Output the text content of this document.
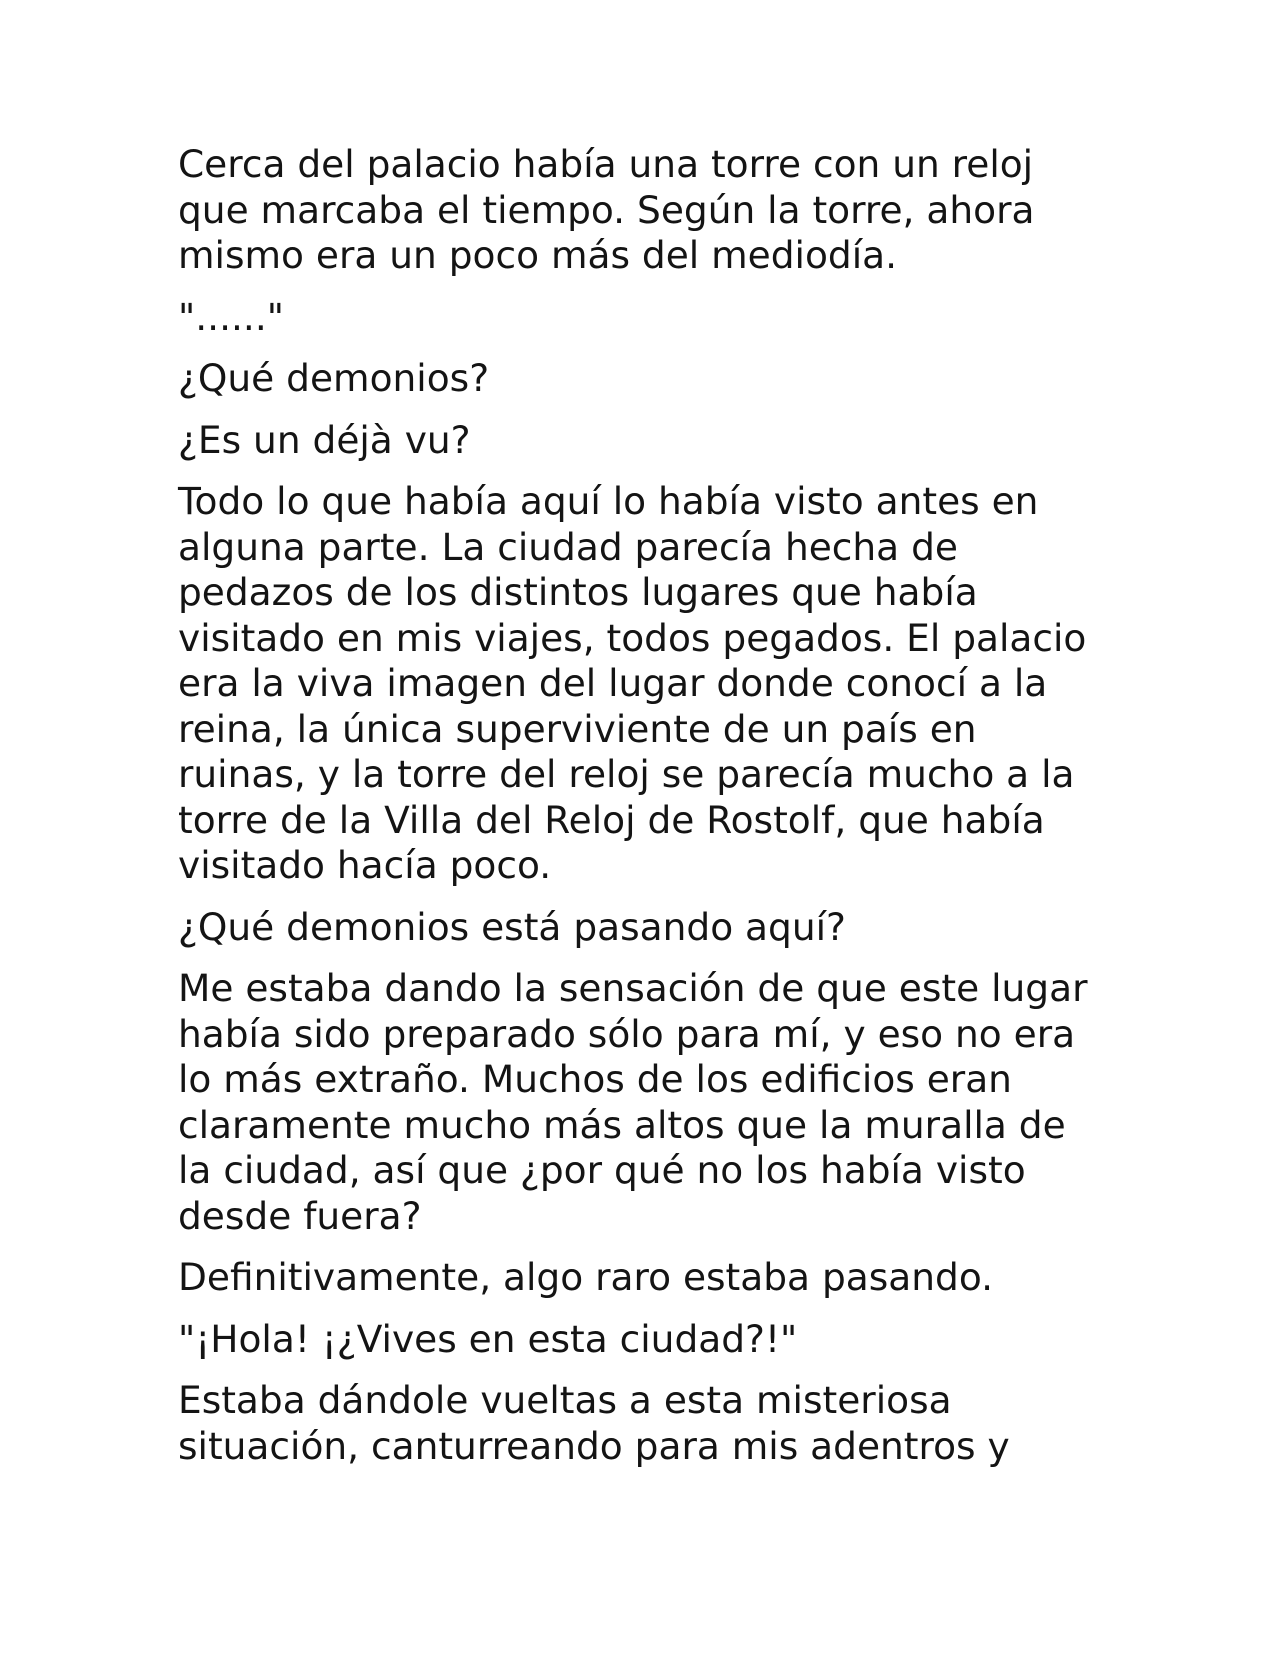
Cerca del palacio había una torre con un reloj
que marcaba el tiempo. Según la torre, ahora
mismo era un poco más del mediodía.

"......"

¿Qué demonios?

¿Es un déjà vu?

Todo lo que había aquí lo había visto antes en
alguna parte. La ciudad parecía hecha de
pedazos de los distintos lugares que había
visitado en mis viajes, todos pegados. El palacio
era la viva imagen del lugar donde conocí a la
reina, la única superviviente de un país en
ruinas, y la torre del reloj se parecía mucho a la
torre de la Villa del Reloj de Rostolf, que había
visitado hacía poco.

¿Qué demonios está pasando aquí?

Me estaba dando la sensación de que este lugar
había sido preparado sólo para mí, y eso no era
lo más extraño. Muchos de los edificios eran
claramente mucho más altos que la muralla de
la ciudad, así que ¿por qué no los había visto
desde fuera?

Definitivamente, algo raro estaba pasando.

"¡Hola! ¡¿Vives en esta ciudad?!"

Estaba dándole vueltas a esta misteriosa
situación, canturreando para mis adentros y
